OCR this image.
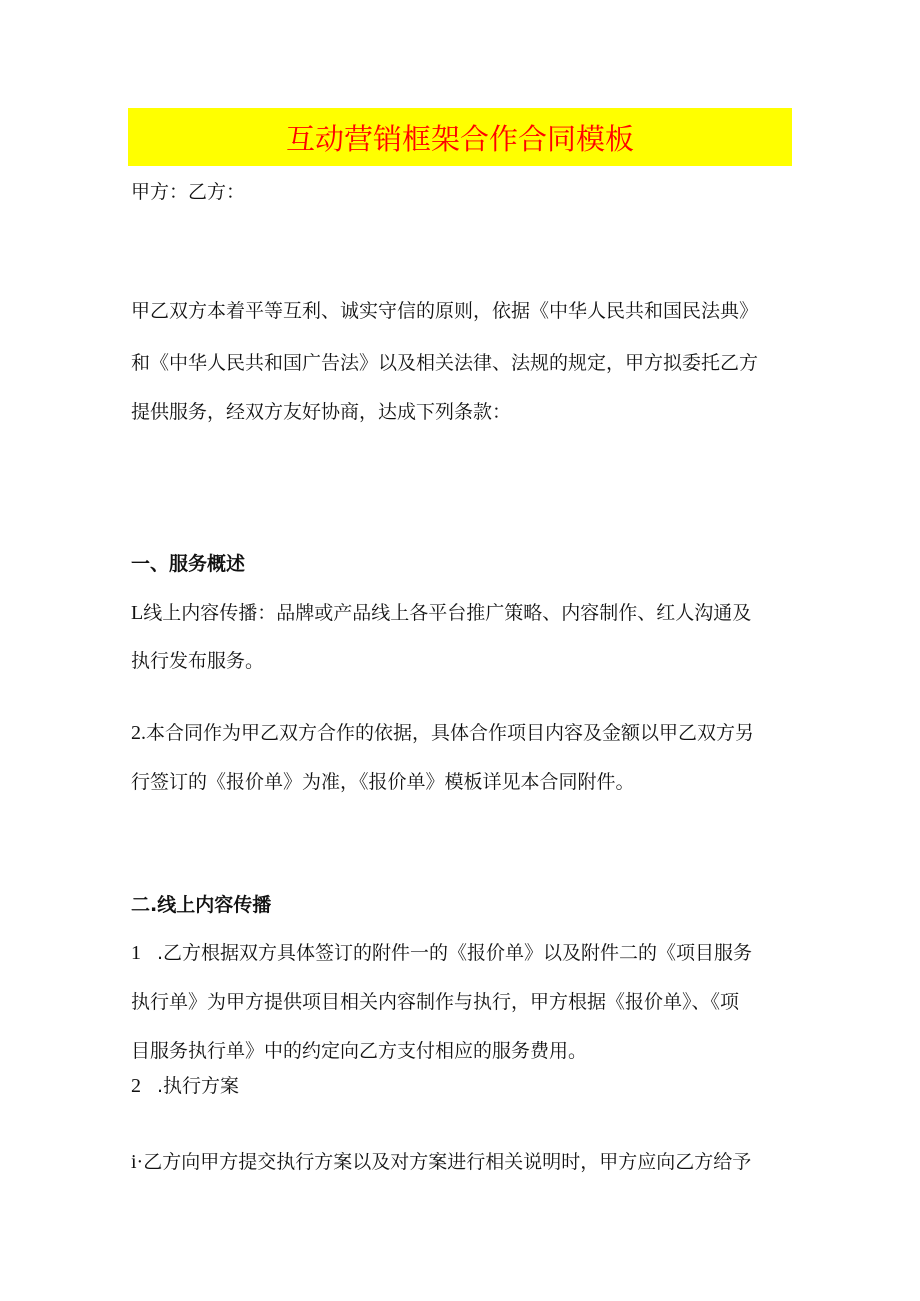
互动营销框架合作合同模板
甲方：乙方：
甲乙双方本着平等互利、诚实守信的原则，依据《中华人民共和国民法典》
和《中华人民共和国广告法》以及相关法律、法规的规定，甲方拟委托乙方
提供服务，经双方友好协商，达成下列条款：
一、服务概述
L线上内容传播：品牌或产品线上各平台推广策略、内容制作、红人沟通及
执行发布服务。
2.本合同作为甲乙双方合作的依据，具体合作项目内容及金额以甲乙双方另
行签订的《报价单》为准，《报价单》模板详见本合同附件。
二.线上内容传播
1 .乙方根据双方具体签订的附件一的《报价单》以及附件二的《项目服务
执行单》为甲方提供项目相关内容制作与执行，甲方根据《报价单》、《项
目服务执行单》中的约定向乙方支付相应的服务费用。
2 .执行方案
i·乙方向甲方提交执行方案以及对方案进行相关说明时，甲方应向乙方给予
